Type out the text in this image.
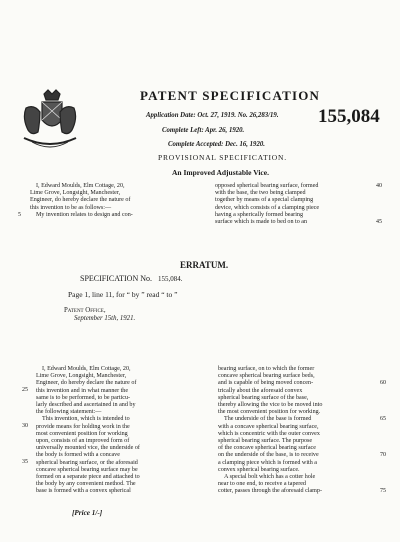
PATENT SPECIFICATION
155,084
Application Date: Oct. 27, 1919. No. 26,283/19.
Complete Left: Apr. 26, 1920.
Complete Accepted: Dec. 16, 1920.
PROVISIONAL SPECIFICATION.
An Improved Adjustable Vice.

I, Edward Moulds, Elm Cottage, 20,

Lime Grove, Longsight, Manchester,

Engineer, do hereby declare the nature of

this invention to be as follows:—

My invention relates to design and con-

5

opposed spherical bearing surface, formed

with the base, the two being clamped

together by means of a special clamping

device, which consists of a clamping piece

having a spherically formed bearing

surface which is made to bed on to an

40
45
ERRATUM.
SPECIFICATION No. 155,084.
Page 1, line 11, for “ by ” read “ to ”
Patent Office,
September 15th, 1921.

I, Edward Moulds, Elm Cottage, 20,

Lime Grove, Longsight, Manchester,

Engineer, do hereby declare the nature of

this invention and in what manner the

same is to be performed, to be particu-

larly described and ascertained in and by

the following statement:—

This invention, which is intended to

provide means for holding work in the

most convenient position for working

upon, consists of an improved form of

universally mounted vice, the underside of

the body is formed with a concave

spherical bearing surface, or the aforesaid

concave spherical bearing surface may be

formed on a separate piece and attached to

the body by any convenient method. The

base is formed with a convex spherical

25
30
35

bearing surface, on to which the former

concave spherical bearing surface beds,

and is capable of being moved concen-

trically about the aforesaid convex

spherical bearing surface of the base,

thereby allowing the vice to be moved into

the most convenient position for working.

The underside of the base is formed

with a concave spherical bearing surface,

which is concentric with the outer convex

spherical bearing surface. The purpose

of the concave spherical bearing surface

on the underside of the base, is to receive

a clamping piece which is formed with a

convex spherical bearing surface.

A special bolt which has a cotter hole

near to one end, to receive a tapered

cotter, passes through the aforesaid clamp-

60
65
70
75
[Price 1/-]
